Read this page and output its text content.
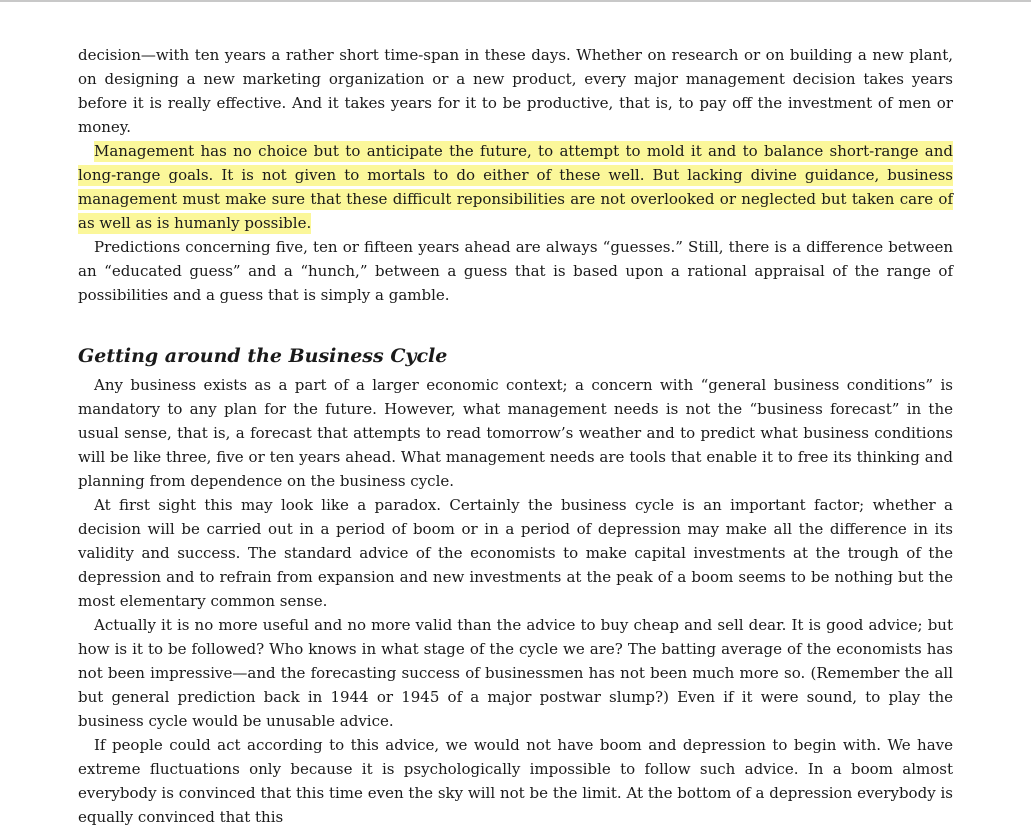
decision—with ten years a rather short time-span in these days. Whether on research or on building a new plant, on designing a new marketing organization or a new product, every major management decision takes years before it is really effective. And it takes years for it to be productive, that is, to pay off the investment of men or money.

Management has no choice but to anticipate the future, to attempt to mold it and to balance short-range and long-range goals. It is not given to mortals to do either of these well. But lacking divine guidance, business management must make sure that these difficult reponsibilities are not overlooked or neglected but taken care of as well as is humanly possible.

Predictions concerning five, ten or fifteen years ahead are always “guesses.” Still, there is a difference between an “educated guess” and a “hunch,” between a guess that is based upon a rational appraisal of the range of possibilities and a guess that is simply a gamble.

Getting around the Business Cycle

Any business exists as a part of a larger economic context; a concern with “general business conditions” is mandatory to any plan for the future. However, what management needs is not the “business forecast” in the usual sense, that is, a forecast that attempts to read tomorrow’s weather and to predict what business conditions will be like three, five or ten years ahead. What management needs are tools that enable it to free its thinking and planning from dependence on the business cycle.

At first sight this may look like a paradox. Certainly the business cycle is an important factor; whether a decision will be carried out in a period of boom or in a period of depression may make all the difference in its validity and success. The standard advice of the economists to make capital investments at the trough of the depression and to refrain from expansion and new investments at the peak of a boom seems to be nothing but the most elementary common sense.

Actually it is no more useful and no more valid than the advice to buy cheap and sell dear. It is good advice; but how is it to be followed? Who knows in what stage of the cycle we are? The batting average of the economists has not been impressive—and the forecasting success of businessmen has not been much more so. (Remember the all but general prediction back in 1944 or 1945 of a major postwar slump?) Even if it were sound, to play the business cycle would be unusable advice.

If people could act according to this advice, we would not have boom and depression to begin with. We have extreme fluctuations only because it is psychologically impossible to follow such advice. In a boom almost everybody is convinced that this time even the sky will not be the limit. At the bottom of a depression everybody is equally convinced that this
